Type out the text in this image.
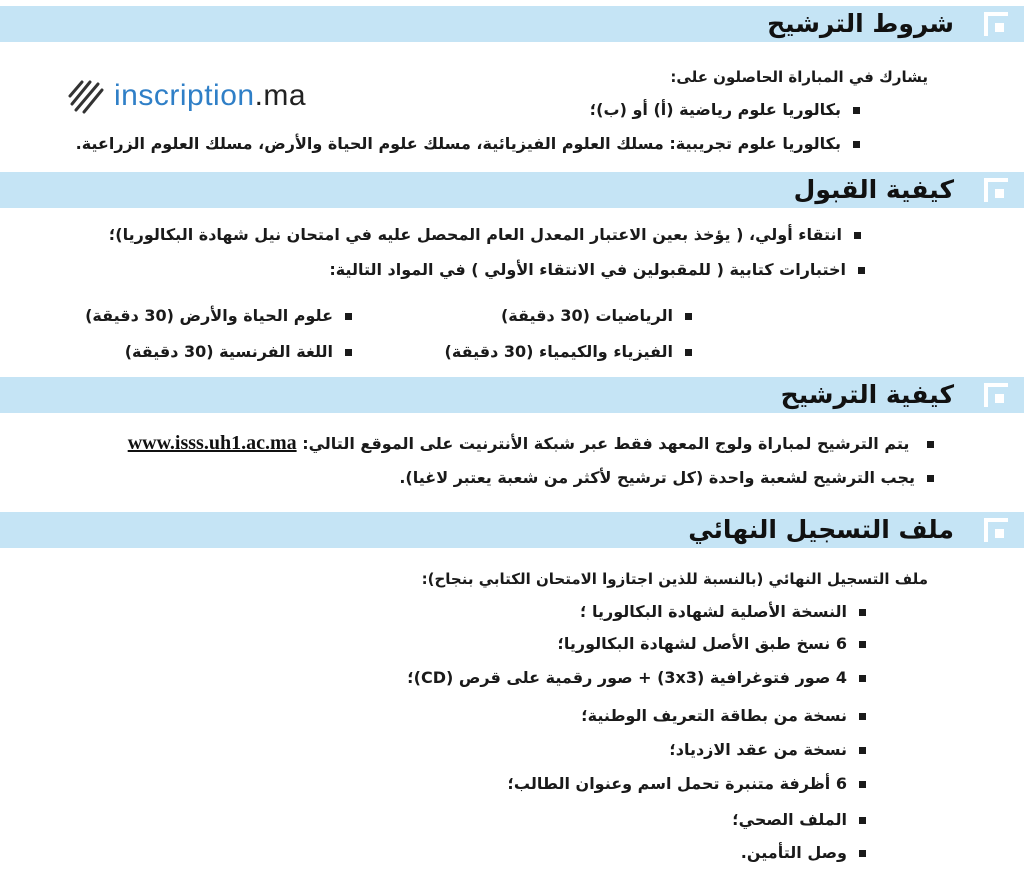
شروط الترشيح
inscription.ma
يشارك في المباراة الحاصلون على:
بكالوريا علوم رياضية (أ) أو (ب)؛
بكالوريا علوم تجريبية: مسلك العلوم الفيزيائية، مسلك علوم الحياة والأرض، مسلك العلوم الزراعية.
كيفية القبول
انتقاء أولي، ( يؤخذ بعين الاعتبار المعدل العام المحصل عليه في امتحان نيل شهادة البكالوريا)؛
اختبارات كتابية ( للمقبولين في الانتقاء الأولي ) في المواد التالية:
الرياضيات (30 دقيقة)
علوم الحياة والأرض (30 دقيقة)
الفيزياء والكيمياء (30 دقيقة)
اللغة الفرنسية (30 دقيقة)
كيفية الترشيح
يتم الترشيح لمباراة ولوج المعهد فقط عبر شبكة الأنترنيت على الموقع التالي: www.isss.uh1.ac.ma
يجب الترشيح لشعبة واحدة (كل ترشيح لأكثر من شعبة يعتبر لاغيا).
ملف التسجيل النهائي
ملف التسجيل النهائي (بالنسبة للذين اجتازوا الامتحان الكتابي بنجاح):
النسخة الأصلية لشهادة البكالوريا ؛
6 نسخ طبق الأصل لشهادة البكالوريا؛
4 صور فتوغرافية (3x3) + صور رقمية على قرص (CD)؛
نسخة من بطاقة التعريف الوطنية؛
نسخة من عقد الازدياد؛
6 أظرفة متنبرة تحمل اسم وعنوان الطالب؛
الملف الصحي؛
وصل التأمين.
